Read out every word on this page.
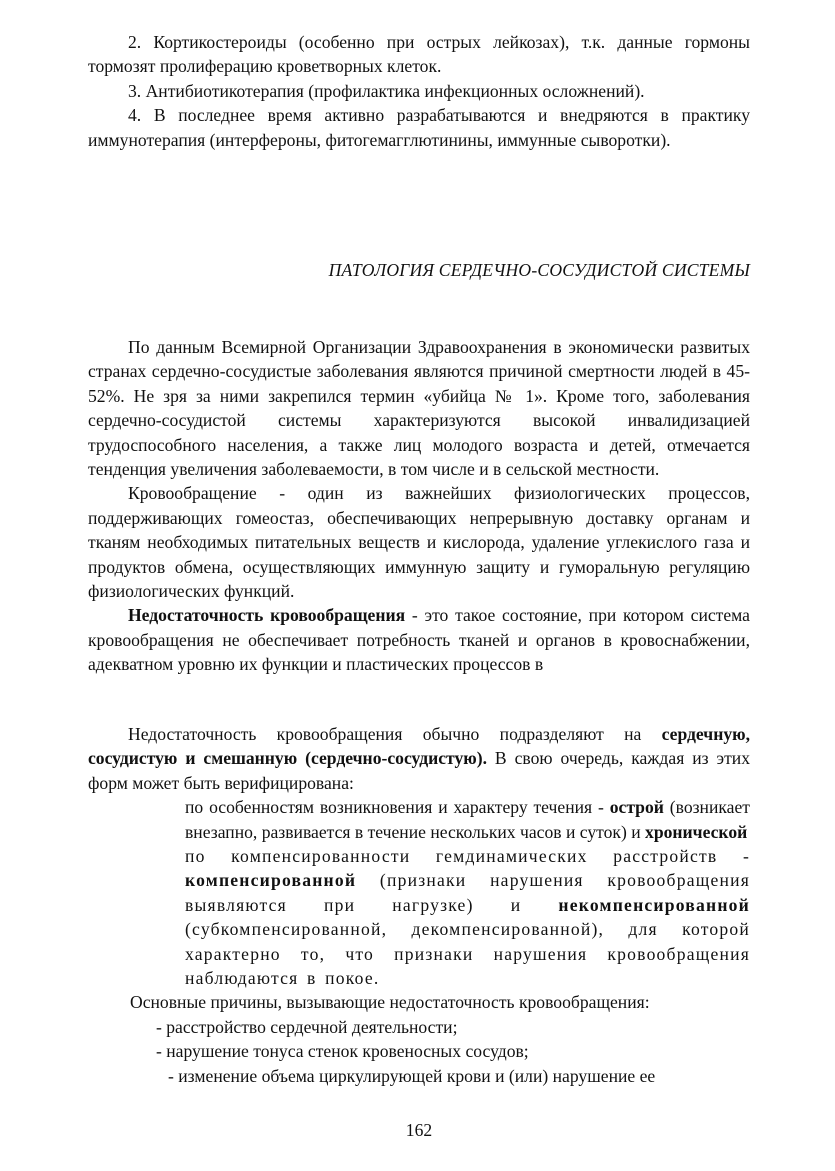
2. Кортикостероиды (особенно при острых лейкозах), т.к. данные гормоны тормозят пролиферацию кроветворных клеток.

3. Антибиотикотерапия (профилактика инфекционных осложнений).

4. В последнее время активно разрабатываются и внедряются в практику иммунотерапия (интерфероны, фитогемагглютинины, иммунные сыворотки).

ПАТОЛОГИЯ СЕРДЕЧНО-СОСУДИСТОЙ СИСТЕМЫ

По данным Всемирной Организации Здравоохранения в экономически развитых странах сердечно-сосудистые заболевания являются причиной смертности людей в 45-52%. Не зря за ними закрепился термин «убийца № 1». Кроме того, заболевания сердечно-сосудистой системы характеризуются высокой инвалидизацией трудоспособного населения, а также лиц молодого возраста и детей, отмечается тенденция увеличения заболеваемости, в том числе и в сельской местности.

Кровообращение - один из важнейших физиологических процессов, поддерживающих гомеостаз, обеспечивающих непрерывную доставку органам и тканям необходимых питательных веществ и кислорода, удаление углекислого газа и продуктов обмена, осуществляющих иммунную защиту и гуморальную регуляцию физиологических функций.

Недостаточность кровообращения - это такое состояние, при котором система кровообращения не обеспечивает потребность тканей и органов в кровоснабжении, адекватном уровню их функции и пластических процессов в

Недостаточность кровообращения обычно подразделяют на сердечную, сосудистую и смешанную (сердечно-сосудистую). В свою очередь, каждая из этих форм может быть верифицирована:

по особенностям возникновения и характеру течения - острой (возникает внезапно, развивается в течение нескольких часов и суток) и хронической

по компенсированности гемдинамических расстройств - компенсированной (признаки нарушения кровообращения выявляются при нагрузке) и некомпенсированной (субкомпенсированной, декомпенсированной), для которой характерно то, что признаки нарушения кровообращения наблюдаются в покое.

Основные причины, вызывающие недостаточность кровообращения:

- расстройство сердечной деятельности;

- нарушение тонуса стенок кровеносных сосудов;

- изменение объема циркулирующей крови и (или) нарушение ее

162
